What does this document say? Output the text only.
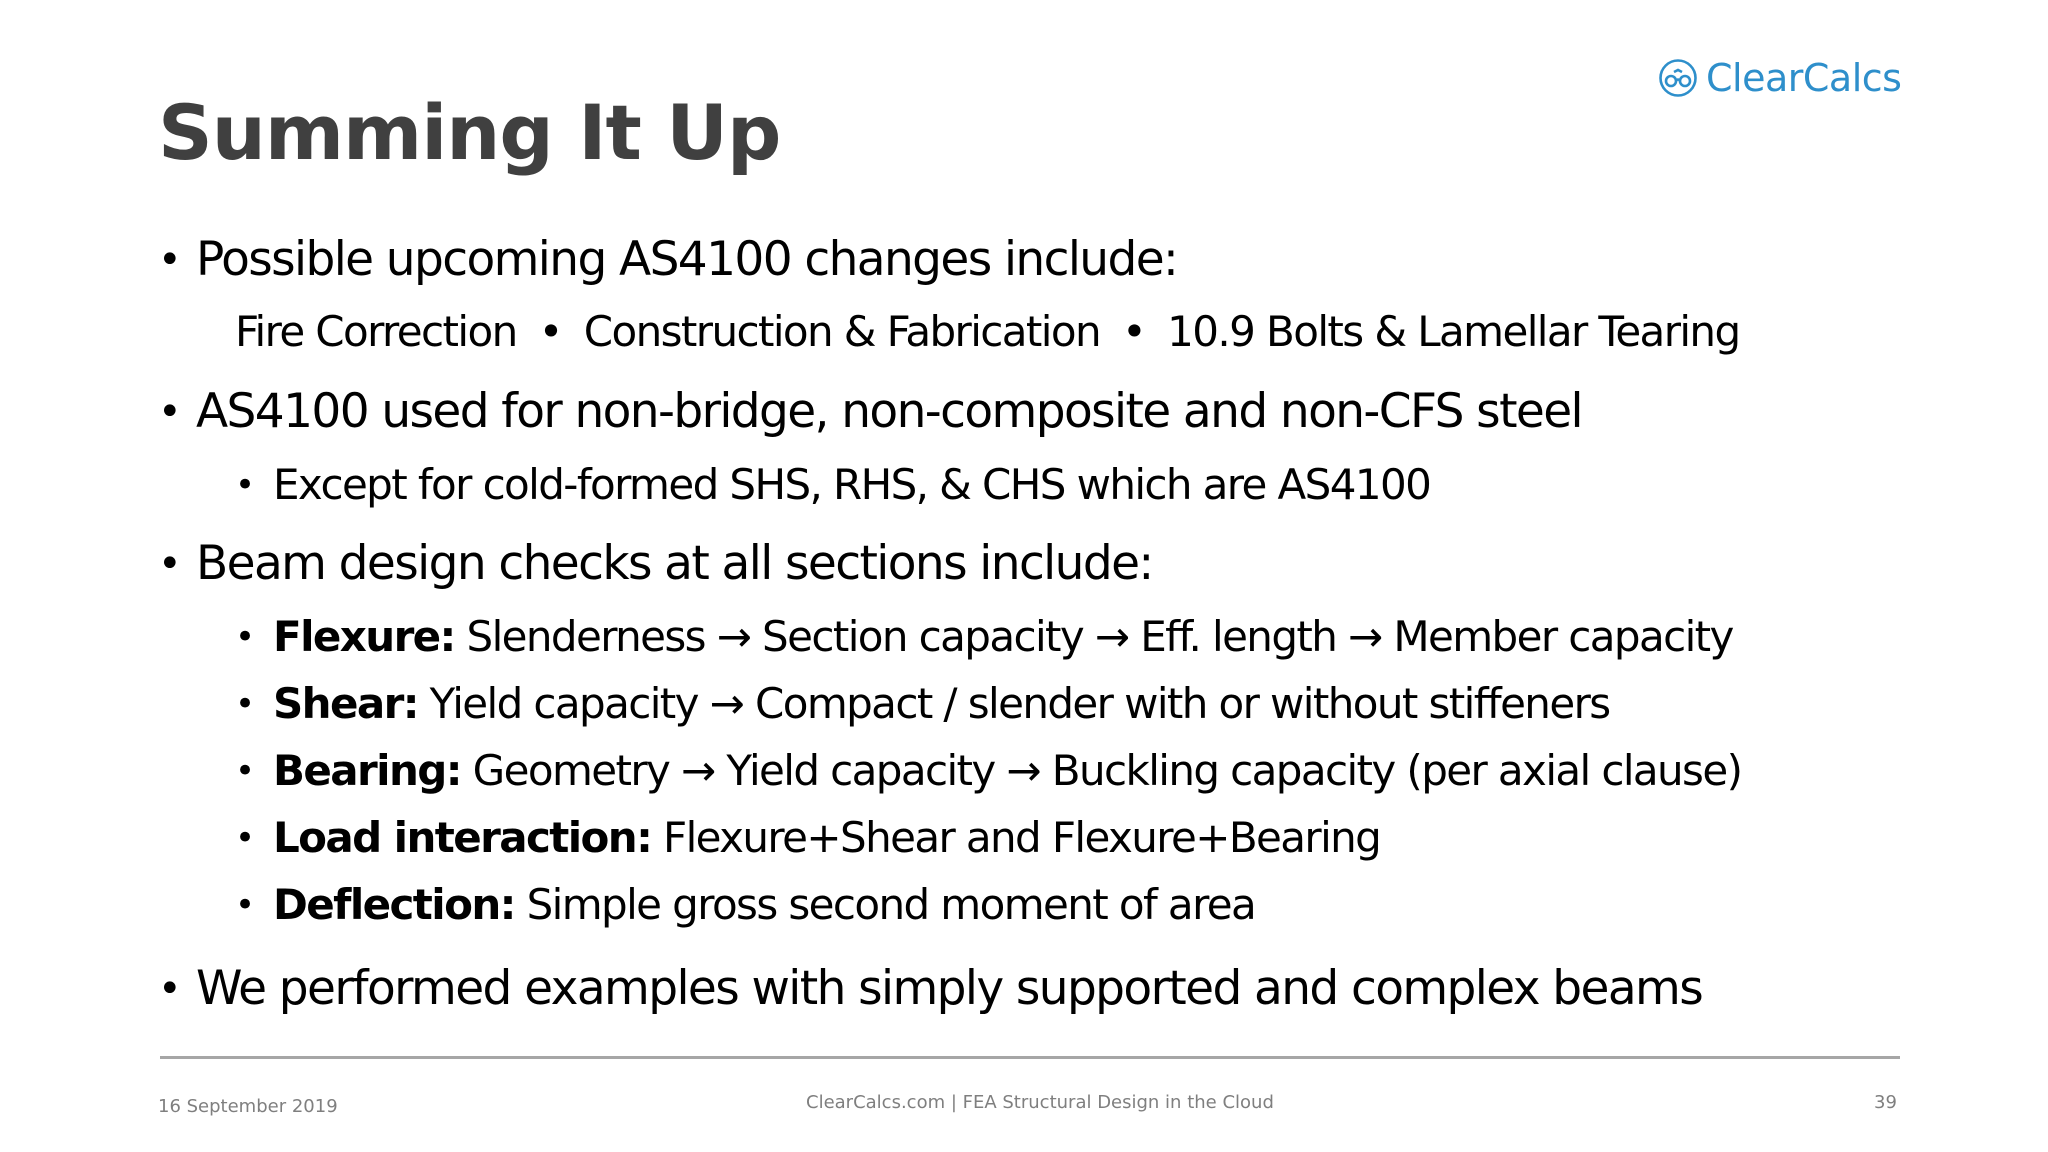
Summing It Up
ClearCalcs
• Possible upcoming AS4100 changes include:
Fire Correction • Construction & Fabrication • 10.9 Bolts & Lamellar Tearing
• AS4100 used for non-bridge, non-composite and non-CFS steel
• Except for cold-formed SHS, RHS, & CHS which are AS4100
• Beam design checks at all sections include:
• Flexure: Slenderness → Section capacity → Eff. length → Member capacity
• Shear: Yield capacity → Compact / slender with or without stiffeners
• Bearing: Geometry → Yield capacity → Buckling capacity (per axial clause)
• Load interaction: Flexure+Shear and Flexure+Bearing
• Deflection: Simple gross second moment of area
• We performed examples with simply supported and complex beams
16 September 2019	ClearCalcs.com | FEA Structural Design in the Cloud	39
